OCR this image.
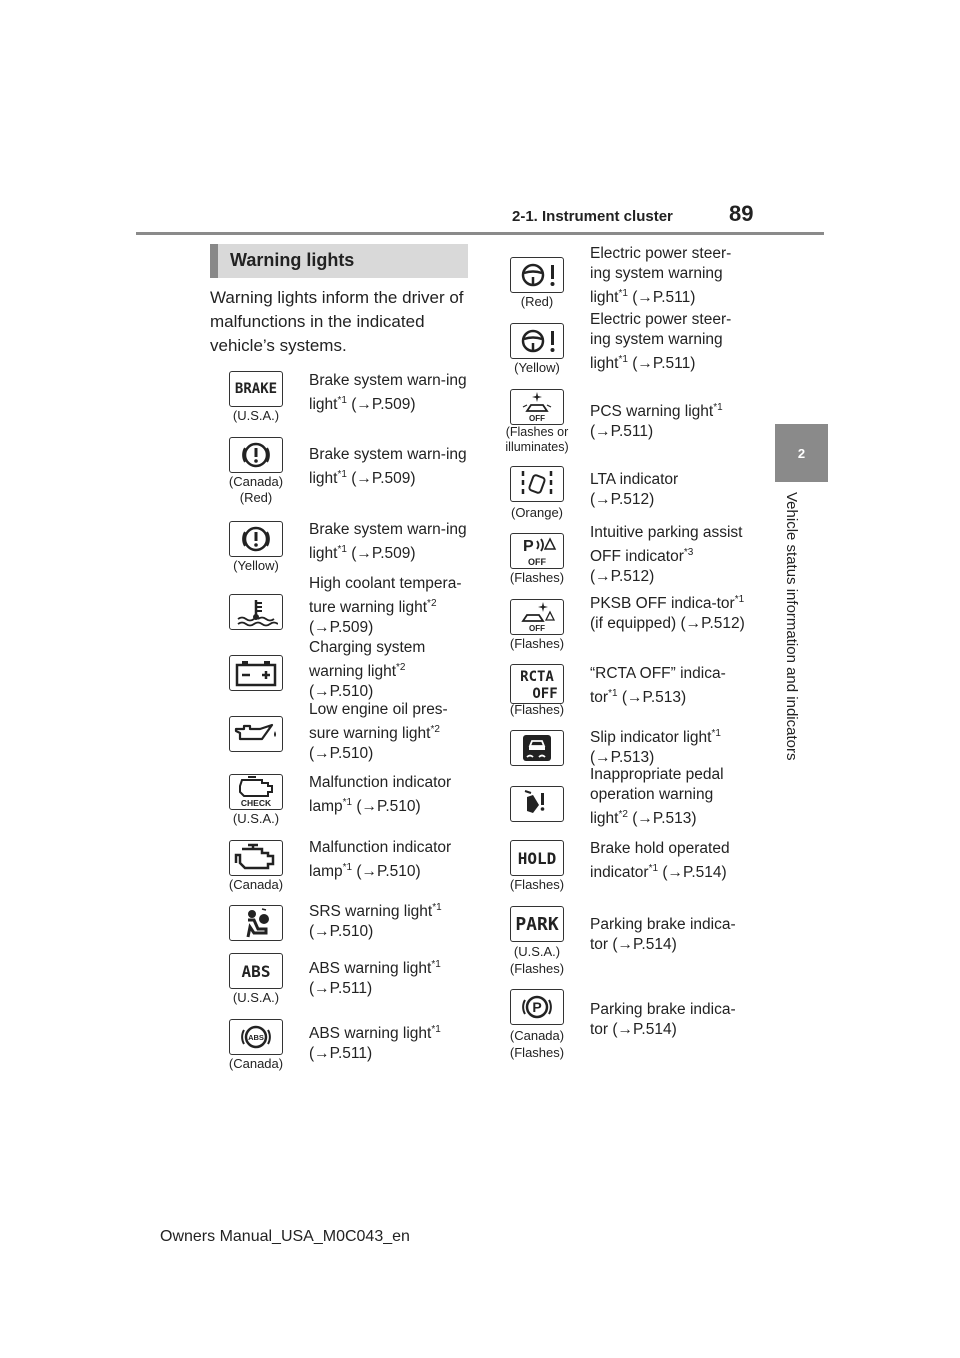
2-1. Instrument cluster	89
2
Vehicle status information and indicators
Warning lights
Warning lights inform the driver of malfunctions in the indicated vehicle’s systems.
BRAKE
(U.S.A.)
Brake system warn-ing light$^{*1}$ (→P.509)
(Canada) (Red)
Brake system warn-ing light$^{*1}$ (→P.509)
(Yellow)
Brake system warn-ing light$^{*1}$ (→P.509)
High coolant tempera-ture warning light$^{*2}$
(→P.509)
Charging system warning light$^{*2}$
(→P.510)
Low engine oil pres-sure warning light$^{*2}$
(→P.510)
CHECK
(U.S.A.)
Malfunction indicator lamp$^{*1}$ (→P.510)
(Canada)
Malfunction indicator lamp$^{*1}$ (→P.510)
SRS warning light$^{*1}$
(→P.510)
ABS
(U.S.A.)
ABS warning light$^{*1}$
(→P.511)
ABS
(Canada)
ABS warning light$^{*1}$
(→P.511)
(Red)
Electric power steer-ing system warning light$^{*1}$ (→P.511)
(Yellow)
Electric power steer-ing system warning light$^{*1}$ (→P.511)
OFF
(Flashes or illuminates)
PCS warning light$^{*1}$
(→P.511)
(Orange)
LTA indicator
(→P.512)
P
OFF
(Flashes)
Intuitive parking assist OFF indicator$^{*3}$
(→P.512)
OFF
(Flashes)
PKSB OFF indica-tor$^{*1}$ (if equipped) (→P.512)
RCTA
OFF
(Flashes)
“RCTA OFF” indica-tor$^{*1}$ (→P.513)
Slip indicator light$^{*1}$
(→P.513)
Inappropriate pedal operation warning light$^{*2}$ (→P.513)
HOLD
(Flashes)
Brake hold operated indicator$^{*1}$ (→P.514)
PARK
(U.S.A.) (Flashes)
Parking brake indica-tor (→P.514)
P
(Canada) (Flashes)
Parking brake indica-tor (→P.514)
Owners Manual_USA_M0C043_en
